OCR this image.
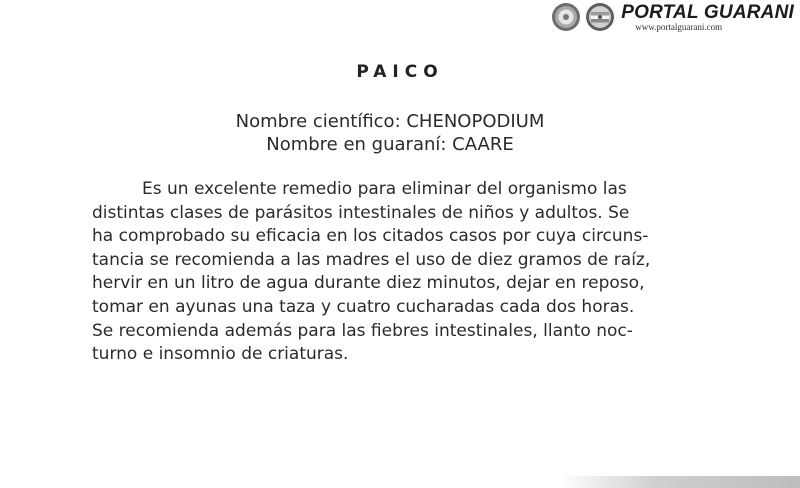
PORTAL GUARANI
www.portalguarani.com
PAICO
Nombre científico: CHENOPODIUM
Nombre en guaraní: CAARE
Es un excelente remedio para eliminar del organismo las
distintas clases de parásitos intestinales de niños y adultos. Se
ha comprobado su eficacia en los citados casos por cuya circuns-
tancia se recomienda a las madres el uso de diez gramos de raíz,
hervir en un litro de agua durante diez minutos, dejar en reposo,
tomar en ayunas una taza y cuatro cucharadas cada dos horas.
Se recomienda además para las fiebres intestinales, llanto noc-
turno e insomnio de criaturas.
